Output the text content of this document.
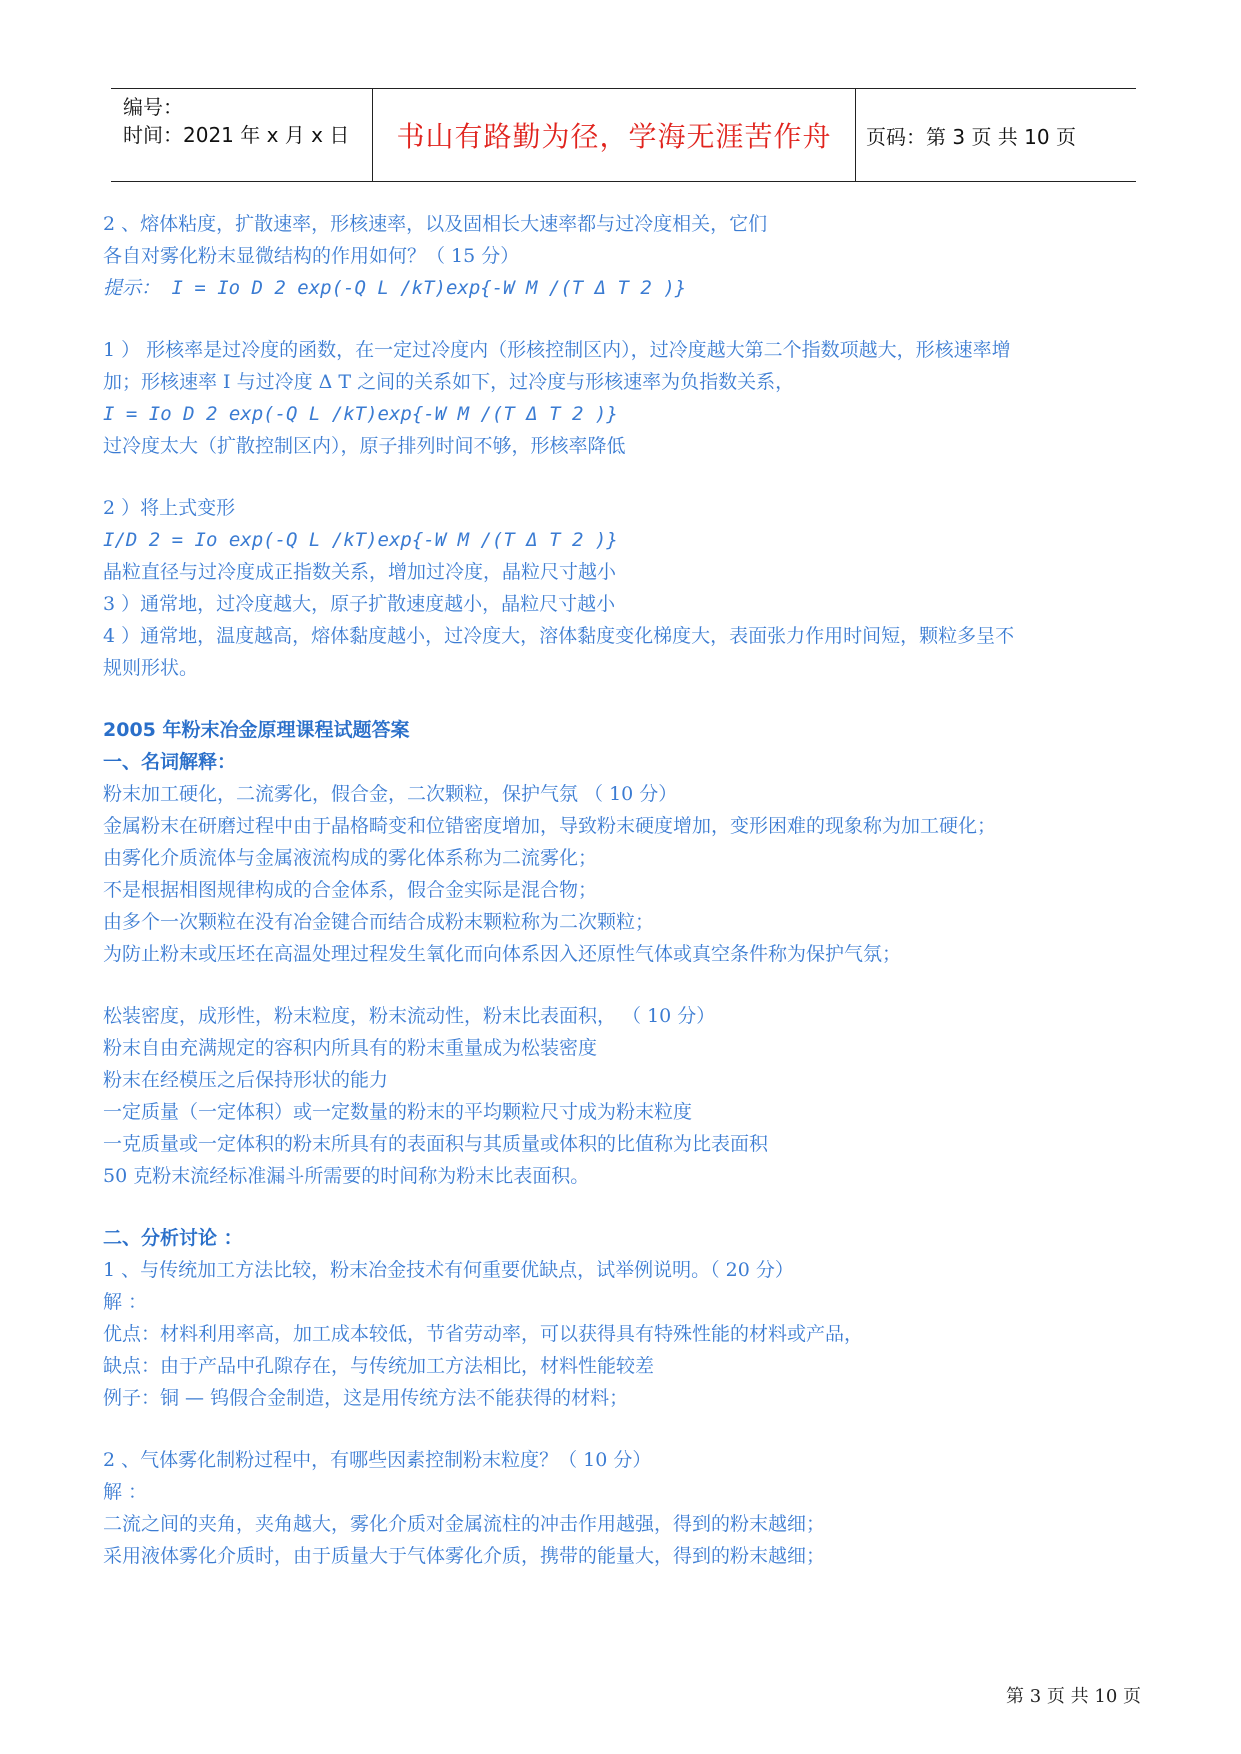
编号：
时间：2021 年 x 月 x 日 书山有路勤为径，学海无涯苦作舟 页码：第 3 页 共 10 页
2 、熔体粘度，扩散速率，形核速率，以及固相长大速率都与过冷度相关，它们
各自对雾化粉末显微结构的作用如何？（ 15 分）
提示： I = Io D 2 exp(-Q L /kT)exp{-W M /(T Δ T 2 )}
1 ） 形核率是过冷度的函数，在一定过冷度内（形核控制区内），过冷度越大第二个指数项越大，形核速率增
加；形核速率 I 与过冷度 Δ T 之间的关系如下，过冷度与形核速率为负指数关系，
I = Io D 2 exp(-Q L /kT)exp{-W M /(T Δ T 2 )}
过冷度太大（扩散控制区内），原子排列时间不够，形核率降低
2 ）将上式变形
I/D 2 = Io exp(-Q L /kT)exp{-W M /(T Δ T 2 )}
晶粒直径与过冷度成正指数关系，增加过冷度，晶粒尺寸越小
3 ）通常地，过冷度越大，原子扩散速度越小，晶粒尺寸越小
4 ）通常地，温度越高，熔体黏度越小，过冷度大，溶体黏度变化梯度大，表面张力作用时间短，颗粒多呈不
规则形状。
2005 年粉末冶金原理课程试题答案
一、名词解释：
粉末加工硬化，二流雾化，假合金，二次颗粒，保护气氛 （ 10 分）
金属粉末在研磨过程中由于晶格畸变和位错密度增加，导致粉末硬度增加，变形困难的现象称为加工硬化；
由雾化介质流体与金属液流构成的雾化体系称为二流雾化；
不是根据相图规律构成的合金体系，假合金实际是混合物；
由多个一次颗粒在没有冶金键合而结合成粉末颗粒称为二次颗粒；
为防止粉末或压坯在高温处理过程发生氧化而向体系因入还原性气体或真空条件称为保护气氛；
松装密度，成形性，粉末粒度，粉末流动性，粉末比表面积， （ 10 分）
粉末自由充满规定的容积内所具有的粉末重量成为松装密度
粉末在经模压之后保持形状的能力
一定质量（一定体积）或一定数量的粉末的平均颗粒尺寸成为粉末粒度
一克质量或一定体积的粉末所具有的表面积与其质量或体积的比值称为比表面积
50 克粉末流经标准漏斗所需要的时间称为粉末比表面积。
二、分析讨论 ：
1 、与传统加工方法比较，粉末冶金技术有何重要优缺点，试举例说明。（ 20 分）
解 ：
优点：材料利用率高，加工成本较低，节省劳动率，可以获得具有特殊性能的材料或产品，
缺点：由于产品中孔隙存在，与传统加工方法相比，材料性能较差
例子：铜 — 钨假合金制造，这是用传统方法不能获得的材料；
2 、气体雾化制粉过程中，有哪些因素控制粉末粒度？（ 10 分）
解 ：
二流之间的夹角，夹角越大，雾化介质对金属流柱的冲击作用越强，得到的粉末越细；
采用液体雾化介质时，由于质量大于气体雾化介质，携带的能量大，得到的粉末越细；
第 3 页 共 10 页
